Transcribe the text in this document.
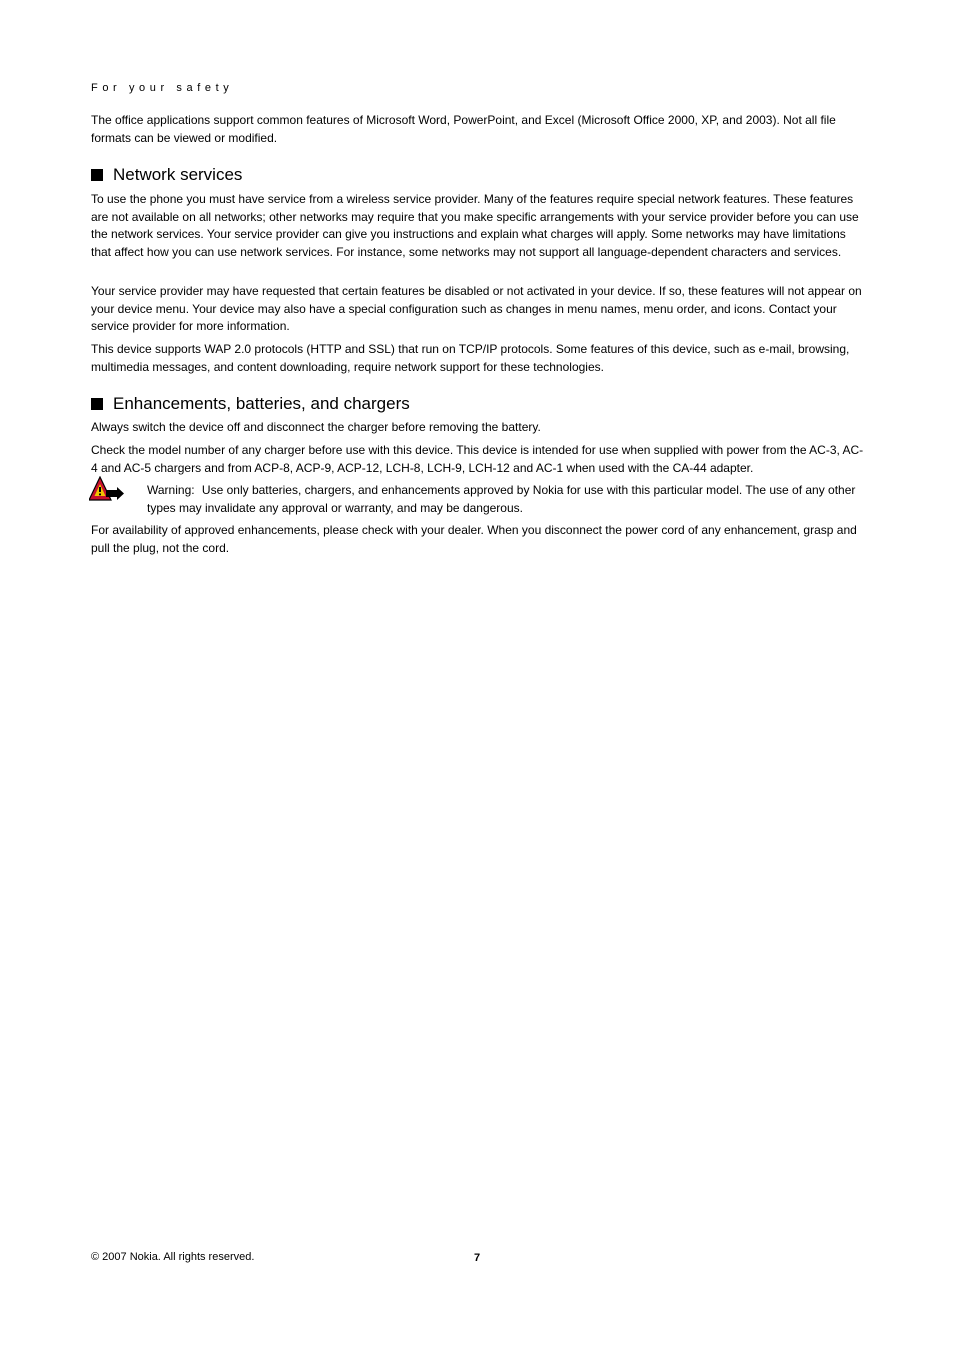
For your safety

The office applications support common features of Microsoft Word, PowerPoint, and Excel (Microsoft Office 2000, XP, and 2003). Not all file formats can be viewed or modified.

Network services

To use the phone you must have service from a wireless service provider. Many of the features require special network features. These features are not available on all networks; other networks may require that you make specific arrangements with your service provider before you can use the network services. Your service provider can give you instructions and explain what charges will apply. Some networks may have limitations that affect how you can use network services. For instance, some networks may not support all language-dependent characters and services.

Your service provider may have requested that certain features be disabled or not activated in your device. If so, these features will not appear on your device menu. Your device may also have a special configuration such as changes in menu names, menu order, and icons. Contact your service provider for more information.

This device supports WAP 2.0 protocols (HTTP and SSL) that run on TCP/IP protocols. Some features of this device, such as e-mail, browsing, multimedia messages, and content downloading, require network support for these technologies.

Enhancements, batteries, and chargers

Always switch the device off and disconnect the charger before removing the battery.

Check the model number of any charger before use with this device. This device is intended for use when supplied with power from the AC-3, AC-4 and AC-5 chargers and from ACP-8, ACP-9, ACP-12, LCH-8, LCH-9, LCH-12 and AC-1 when used with the CA-44 adapter.

Warning: Use only batteries, chargers, and enhancements approved by Nokia for use with this particular model. The use of any other types may invalidate any approval or warranty, and may be dangerous.

For availability of approved enhancements, please check with your dealer. When you disconnect the power cord of any enhancement, grasp and pull the plug, not the cord.

© 2007 Nokia. All rights reserved.	7
